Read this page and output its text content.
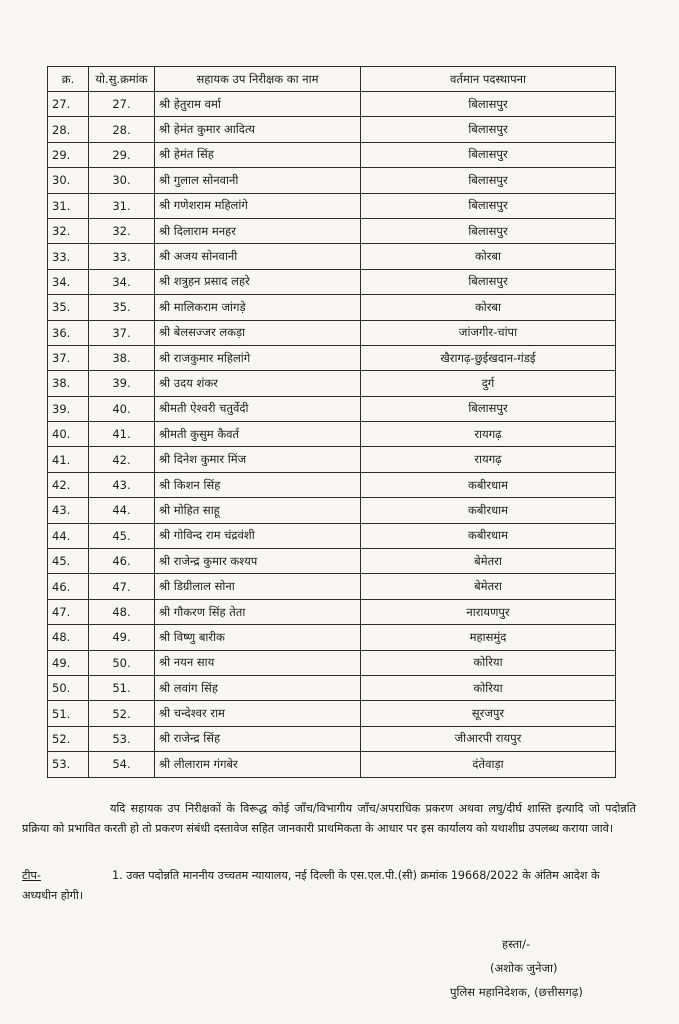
क्र.	यो.सु.क्रमांक	सहायक उप निरीक्षक का नाम	वर्तमान पदस्थापना
27.	27.	श्री हेतुराम वर्मा	बिलासपुर
28.	28.	श्री हेमंत कुमार आदित्य	बिलासपुर
29.	29.	श्री हेमंत सिंह	बिलासपुर
30.	30.	श्री गुलाल सोनवानी	बिलासपुर
31.	31.	श्री गणेशराम महिलांगे	बिलासपुर
32.	32.	श्री दिलाराम मनहर	बिलासपुर
33.	33.	श्री अजय सोनवानी	कोरबा
34.	34.	श्री शत्रुहन प्रसाद लहरे	बिलासपुर
35.	35.	श्री मालिकराम जांगड़े	कोरबा
36.	37.	श्री बेलसज्जर लकड़ा	जांजगीर-चांपा
37.	38.	श्री राजकुमार महिलांगे	खैरागढ़-छुईखदान-गंडई
38.	39.	श्री उदय शंकर	दुर्ग
39.	40.	श्रीमती ऐश्वरी चतुर्वेदी	बिलासपुर
40.	41.	श्रीमती कुसुम कैवर्त	रायगढ़
41.	42.	श्री दिनेश कुमार मिंज	रायगढ़
42.	43.	श्री किशन सिंह	कबीरधाम
43.	44.	श्री मोहित साहू	कबीरधाम
44.	45.	श्री गोविन्द राम चंद्रवंशी	कबीरधाम
45.	46.	श्री राजेन्द्र कुमार कश्यप	बेमेतरा
46.	47.	श्री डिग्रीलाल सोना	बेमेतरा
47.	48.	श्री गौकरण सिंह तेता	नारायणपुर
48.	49.	श्री विष्णु बारीक	महासमुंद
49.	50.	श्री नयन साय	कोरिया
50.	51.	श्री लवांग सिंह	कोरिया
51.	52.	श्री चन्देश्वर राम	सूरजपुर
52.	53.	श्री राजेन्द्र सिंह	जीआरपी रायपुर
53.	54.	श्री लीलाराम गंगबेर	दंतेवाड़ा
यदि सहायक उप निरीक्षकों के विरूद्ध कोई जाँच/विभागीय जाँच/अपराधिक प्रकरण अथवा लघु/दीर्घ शास्ति इत्यादि जो पदोन्नति प्रक्रिया को प्रभावित करती हो तो प्रकरण संबंधी दस्तावेज सहित जानकारी प्राथमिकता के आधार पर इस कार्यालय को यथाशीघ्र उपलब्ध कराया जावे।
टीप-	1. उक्त पदोन्नति माननीय उच्चतम न्यायालय, नई दिल्ली के एस.एल.पी.(सी) क्रमांक 19668/2022 के अंतिम आदेश के अध्यधीन होगी।
हस्ता/-
(अशोक जुनेजा)
पुलिस महानिदेशक, (छत्तीसगढ़)
